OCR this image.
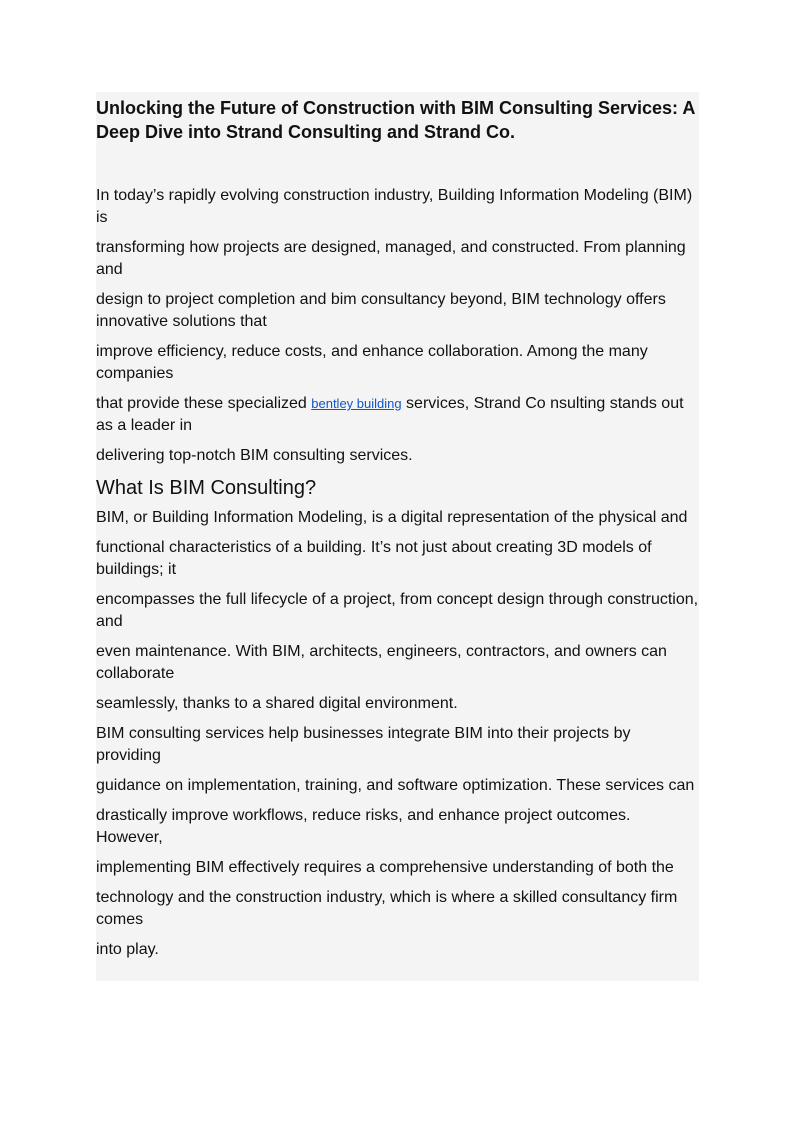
Unlocking the Future of Construction with BIM Consulting Services: A Deep Dive into Strand Consulting and Strand Co.

In today’s rapidly evolving construction industry, Building Information Modeling (BIM) is

transforming how projects are designed, managed, and constructed. From planning and

design to project completion and bim consultancy beyond, BIM technology offers innovative solutions that

improve efficiency, reduce costs, and enhance collaboration. Among the many companies

that provide these specialized bentley building services, Strand Co nsulting stands out as a leader in

delivering top-notch BIM consulting services.

What Is BIM Consulting?

BIM, or Building Information Modeling, is a digital representation of the physical and

functional characteristics of a building. It’s not just about creating 3D models of buildings; it

encompasses the full lifecycle of a project, from concept design through construction, and

even maintenance. With BIM, architects, engineers, contractors, and owners can collaborate

seamlessly, thanks to a shared digital environment.

BIM consulting services help businesses integrate BIM into their projects by providing

guidance on implementation, training, and software optimization. These services can

drastically improve workflows, reduce risks, and enhance project outcomes. However,

implementing BIM effectively requires a comprehensive understanding of both the

technology and the construction industry, which is where a skilled consultancy firm comes

into play.
